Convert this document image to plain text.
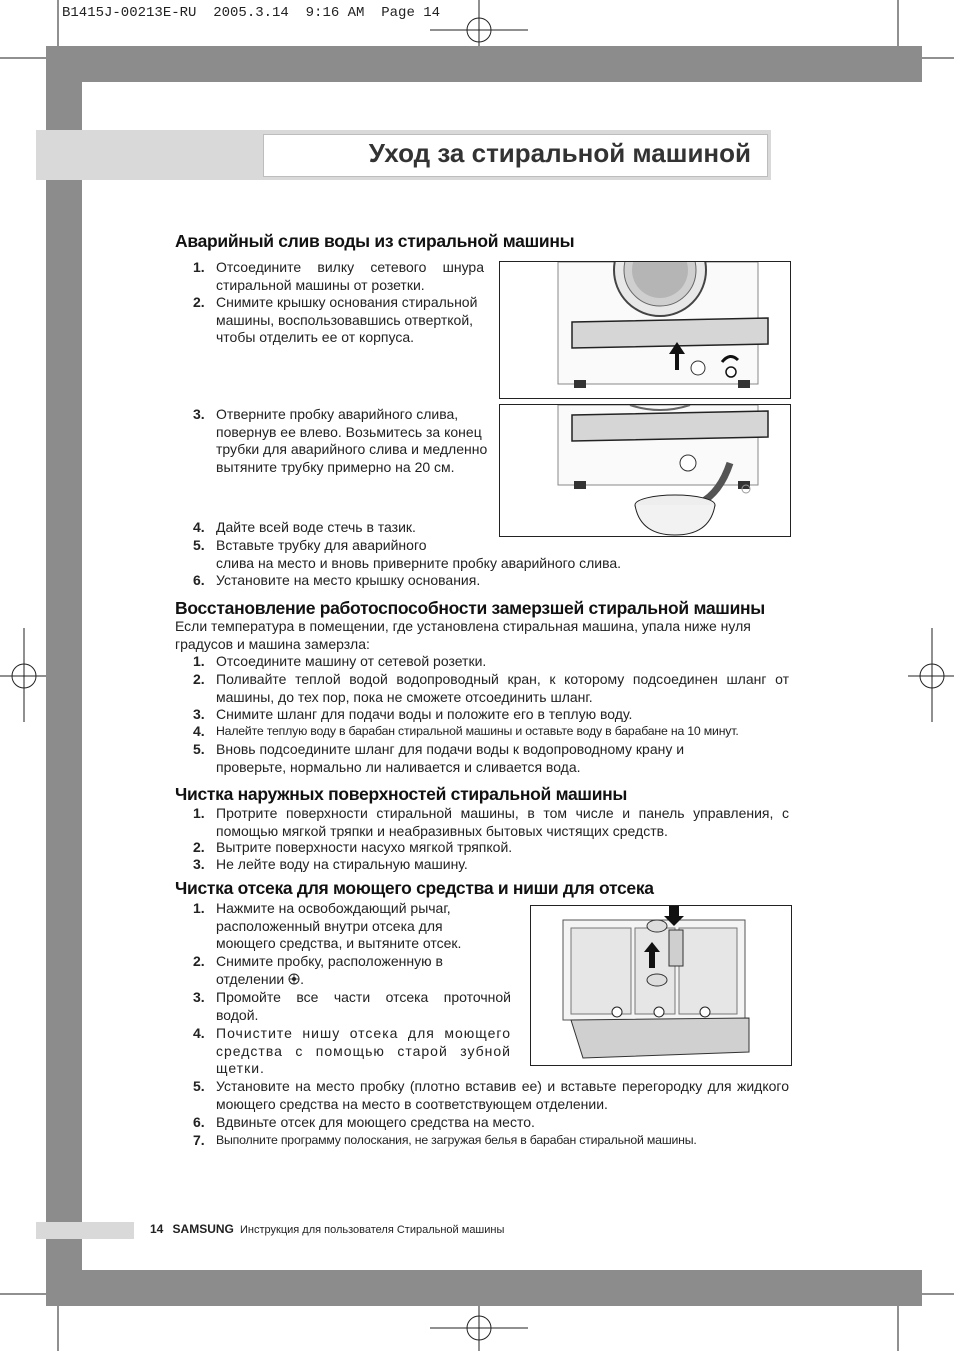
B1415J-00213E-RU  2005.3.14  9:16 AM  Page 14
Уход за стиральной машиной
Аварийный слив воды из стиральной машины
1. Отсоедините вилку сетевого шнура стиральной машины от розетки.
2. Снимите крышку основания стиральной машины, воспользовавшись отверткой, чтобы отделить ее от корпуса.
3. Отверните пробку аварийного слива, повернув ее влево. Возьмитесь за конец трубки для аварийного слива и медленно вытяните трубку примерно на 20 см.
4. Дайте всей воде стечь в тазик.
5. Вставьте трубку для аварийного
слива на место и вновь приверните пробку аварийного слива.
6. Установите на место крышку основания.
Восстановление работоспособности замерзшей стиральной машины
Если температура в помещении, где установлена стиральная машина, упала ниже нуля градусов и машина замерзла:
1. Отсоедините машину от сетевой розетки.
2. Поливайте теплой водой водопроводный кран, к которому подсоединен шланг от машины, до тех пор, пока не сможете отсоединить шланг.
3. Снимите шланг для подачи воды и положите его в теплую воду.
4. Налейте теплую воду в барабан стиральной машины и оставьте воду в барабане на 10 минут.
5. Вновь подсоедините шланг для подачи воды к водопроводному крану и проверьте, нормально ли наливается и сливается вода.
Чистка наружных поверхностей стиральной машины
1. Протрите поверхности стиральной машины, в том числе и панель управления, с помощью мягкой тряпки и неабразивных бытовых чистящих средств.
2. Вытрите поверхности насухо мягкой тряпкой.
3. Не лейте воду на стиральную машину.
Чистка отсека для моющего средства и ниши для отсека
1. Нажмите на освобождающий рычаг, расположенный внутри отсека для моющего средства, и вытяните отсек.
2. Снимите пробку, расположенную в
отделении .
3. Промойте все части отсека проточной водой.
4. Почистите нишу отсека для моющего средства с помощью старой зубной щетки.
5. Установите на место пробку (плотно вставив ее) и вставьте перегородку для жидкого моющего средства на место в соответствующем отделении.
6. Вдвиньте отсек для моющего средства на место.
7. Выполните программу полоскания, не загружая белья в барабан стиральной машины.
14 SAMSUNG Инструкция для пользователя Стиральной машины
